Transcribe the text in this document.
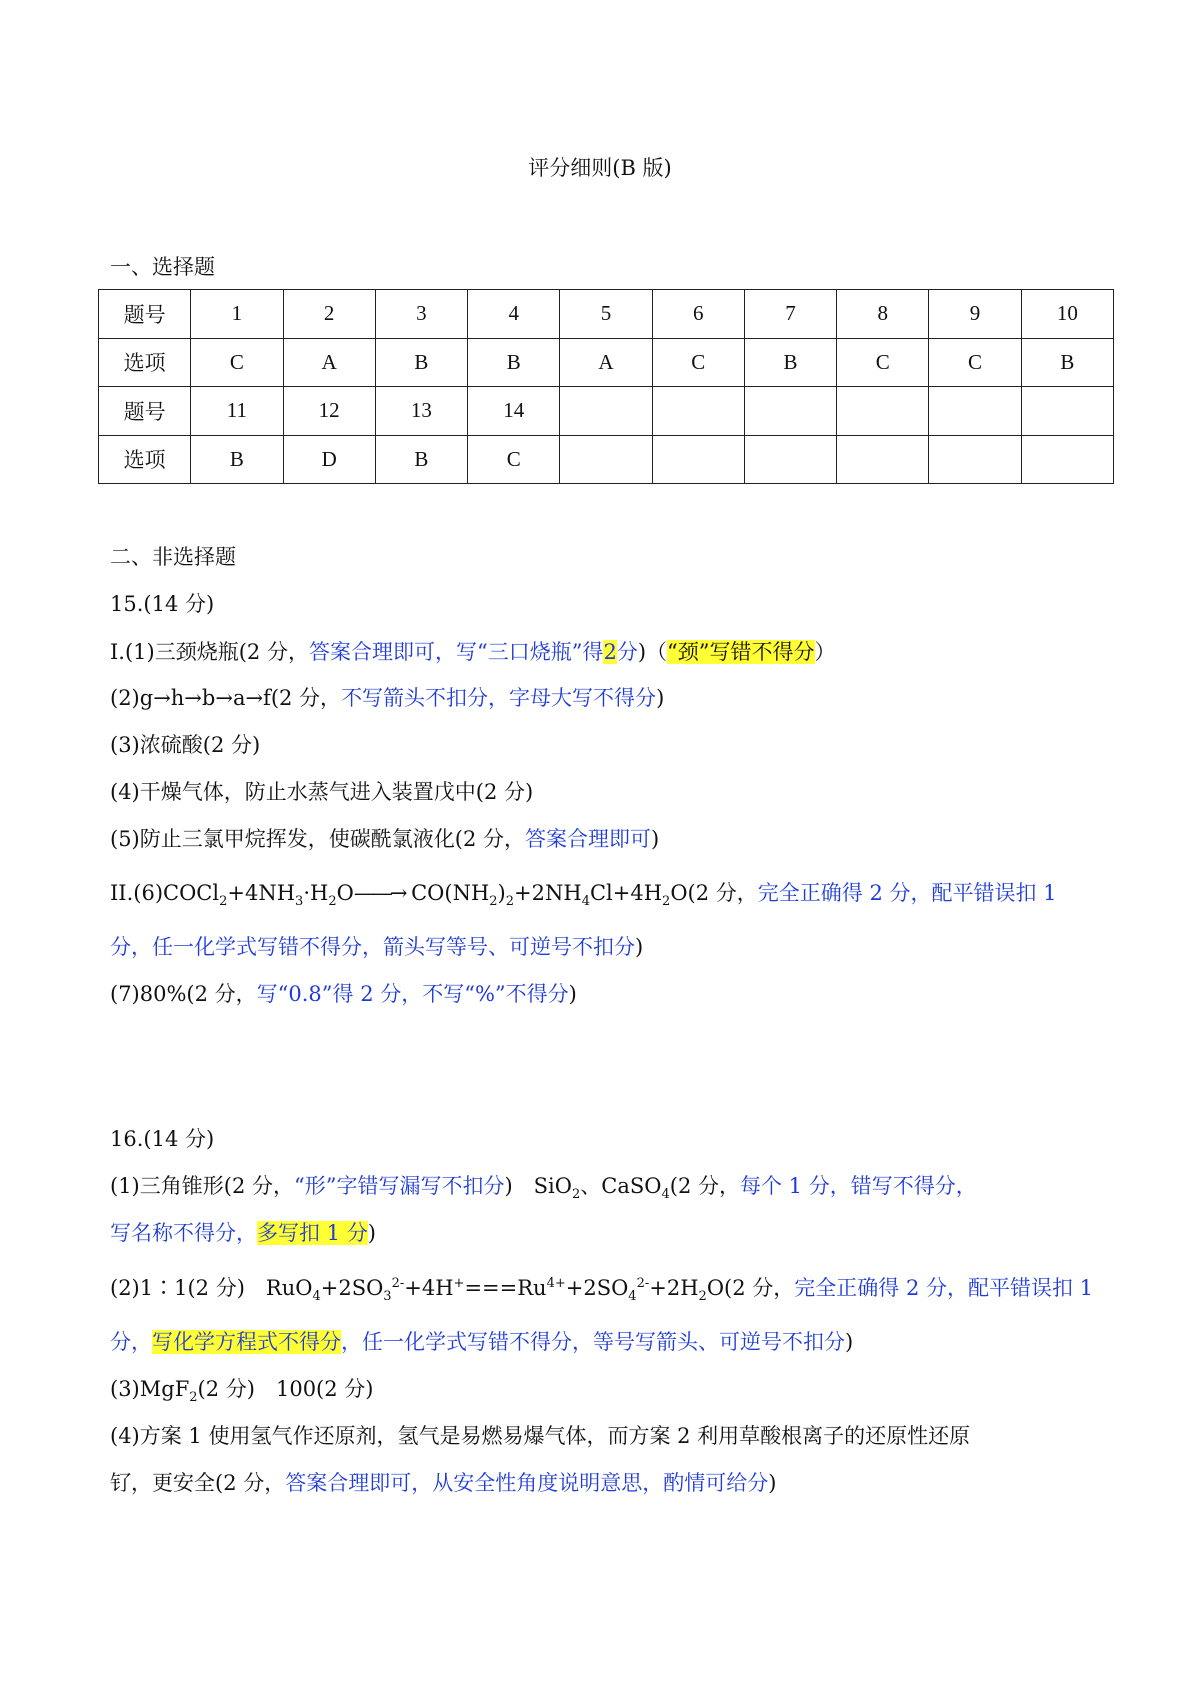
评分细则(B 版)
一、选择题
题号	1	2	3	4	5	6	7	8	9	10
选项	C	A	B	B	A	C	B	C	C	B
题号	11	12	13	14						
选项	B	D	B	C						
二、非选择题
15.(14 分)
I.(1)三颈烧瓶(2 分，答案合理即可，写“三口烧瓶”得2分)（“颈”写错不得分）
(2)g→h→b→a→f(2 分，不写箭头不扣分，字母大写不得分)
(3)浓硫酸(2 分)
(4)干燥气体，防止水蒸气进入装置戊中(2 分)
(5)防止三氯甲烷挥发，使碳酰氯液化(2 分，答案合理即可)
$II.(6)COCl_2+4NH_3\cdot H_2O——\to CO(NH_2)_2+2NH_4Cl+4H_2O(2$ 分，完全正确得 2 分，配平错误扣 1
分，任一化学式写错不得分，箭头写等号、可逆号不扣分)
(7)80%(2 分，写“0.8”得 2 分，不写“%”不得分)
16.(14 分)
(1)三角锥形(2 分，“形”字错写漏写不扣分)　SiO$_2$、CaSO$_4$(2 分，每个 1 分，错写不得分，
写名称不得分，多写扣 1 分)
(2)1∶1(2 分)　$RuO_4+2SO_3^{2-}+4H^+===Ru^{4+}+2SO_4^{2-}+2H_2O(2$ 分，完全正确得 2 分，配平错误扣 1
分，写化学方程式不得分，任一化学式写错不得分，等号写箭头、可逆号不扣分)
(3)MgF$_2$(2 分)　100(2 分)
(4)方案 1 使用氢气作还原剂，氢气是易燃易爆气体，而方案 2 利用草酸根离子的还原性还原
钌，更安全(2 分，答案合理即可，从安全性角度说明意思，酌情可给分)
